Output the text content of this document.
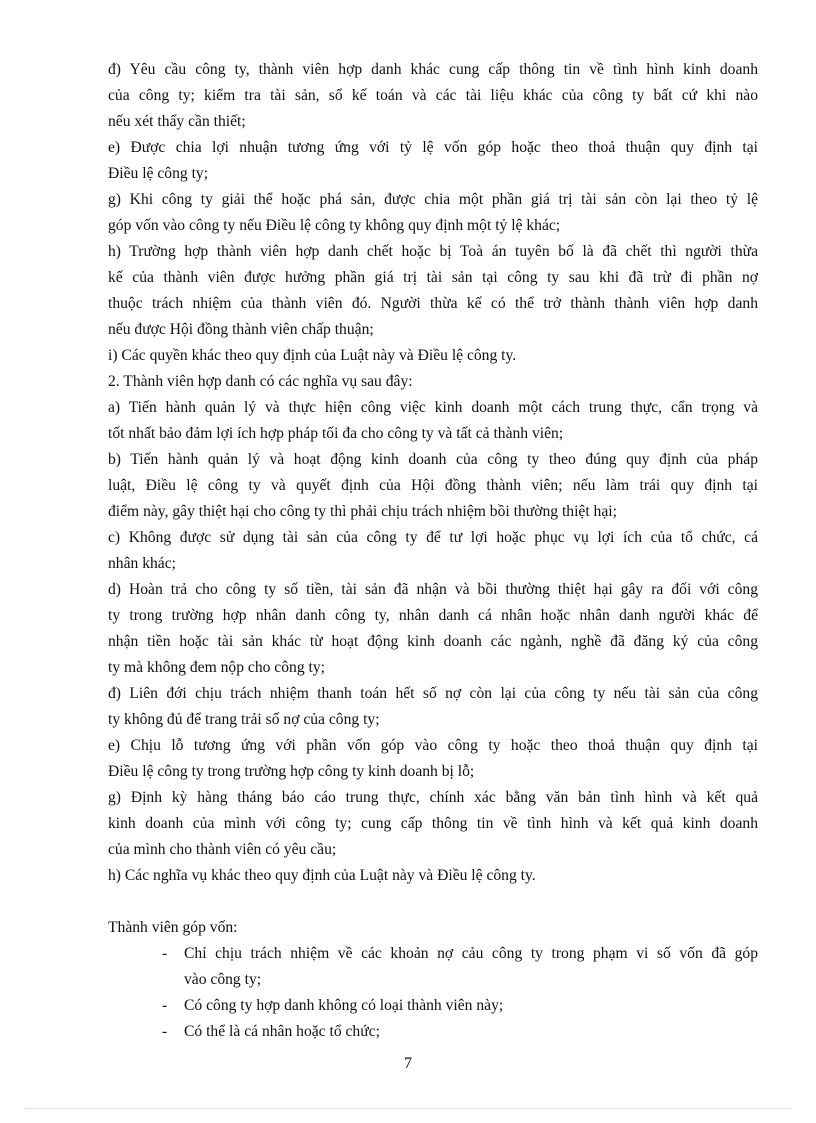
đ) Yêu cầu công ty, thành viên hợp danh khác cung cấp thông tin về tình hình kinh doanh
của công ty; kiểm tra tài sản, sổ kế toán và các tài liệu khác của công ty bất cứ khi nào
nếu xét thấy cần thiết;
e) Được chia lợi nhuận tương ứng với tỷ lệ vốn góp hoặc theo thoả thuận quy định tại
Điều lệ công ty;
g) Khi công ty giải thể hoặc phá sản, được chia một phần giá trị tài sản còn lại theo tỷ lệ
góp vốn vào công ty nếu Điều lệ công ty không quy định một tỷ lệ khác;
h) Trường hợp thành viên hợp danh chết hoặc bị Toà án tuyên bố là đã chết thì người thừa
kế của thành viên được hưởng phần giá trị tài sản tại công ty sau khi đã trừ đi phần nợ
thuộc trách nhiệm của thành viên đó. Người thừa kế có thể trở thành thành viên hợp danh
nếu được Hội đồng thành viên chấp thuận;
i) Các quyền khác theo quy định của Luật này và Điều lệ công ty.
2. Thành viên hợp danh có các nghĩa vụ sau đây:
a) Tiến hành quản lý và thực hiện công việc kinh doanh một cách trung thực, cẩn trọng và
tốt nhất bảo đảm lợi ích hợp pháp tối đa cho công ty và tất cả thành viên;
b) Tiến hành quản lý và hoạt động kinh doanh của công ty theo đúng quy định của pháp
luật, Điều lệ công ty và quyết định của Hội đồng thành viên; nếu làm trái quy định tại
điểm này, gây thiệt hại cho công ty thì phải chịu trách nhiệm bồi thường thiệt hại;
c) Không được sử dụng tài sản của công ty để tư lợi hoặc phục vụ lợi ích của tổ chức, cá
nhân khác;
d) Hoàn trả cho công ty số tiền, tài sản đã nhận và bồi thường thiệt hại gây ra đối với công
ty trong trường hợp nhân danh công ty, nhân danh cá nhân hoặc nhân danh người khác để
nhận tiền hoặc tài sản khác từ hoạt động kinh doanh các ngành, nghề đã đăng ký của công
ty mà không đem nộp cho công ty;
đ) Liên đới chịu trách nhiệm thanh toán hết số nợ còn lại của công ty nếu tài sản của công
ty không đủ để trang trải số nợ của công ty;
e) Chịu lỗ tương ứng với phần vốn góp vào công ty hoặc theo thoả thuận quy định tại
Điều lệ công ty trong trường hợp công ty kinh doanh bị lỗ;
g) Định kỳ hàng tháng báo cáo trung thực, chính xác bằng văn bản tình hình và kết quả
kinh doanh của mình với công ty; cung cấp thông tin về tình hình và kết quả kinh doanh
của mình cho thành viên có yêu cầu;
h) Các nghĩa vụ khác theo quy định của Luật này và Điều lệ công ty.
Thành viên góp vốn:
- Chỉ chịu trách nhiệm về các khoản nợ cảu công ty trong phạm vi số vốn đã góp
vào công ty;
- Có công ty hợp danh không có loại thành viên này;
- Có thể là cá nhân hoặc tổ chức;
7
